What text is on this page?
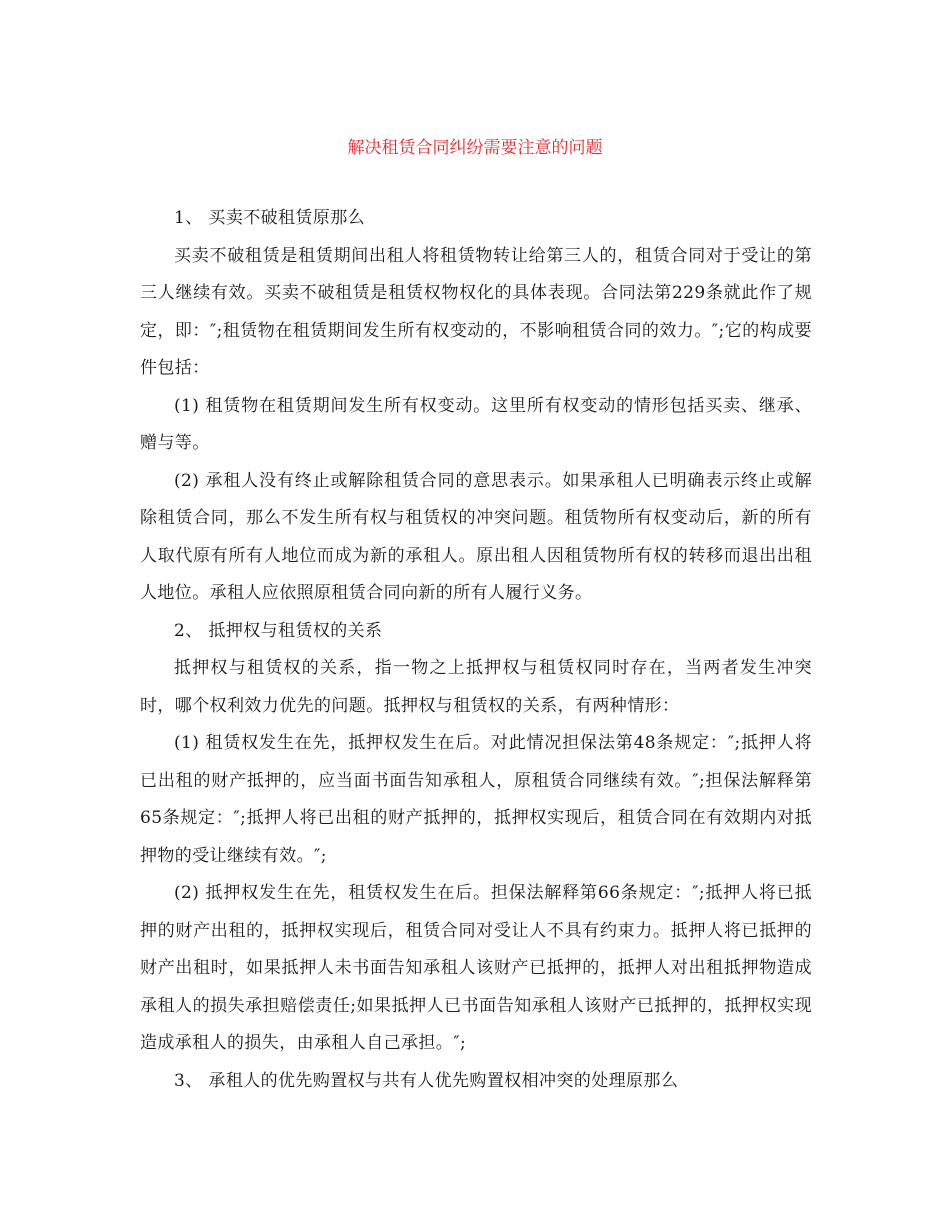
解决租赁合同纠纷需要注意的问题

1、 买卖不破租赁原那么

买卖不破租赁是租赁期间出租人将租赁物转让给第三人的，租赁合同对于受让的第三人继续有效。买卖不破租赁是租赁权物权化的具体表现。合同法第229条就此作了规定，即：″;租赁物在租赁期间发生所有权变动的，不影响租赁合同的效力。″;它的构成要件包括：

(1) 租赁物在租赁期间发生所有权变动。这里所有权变动的情形包括买卖、继承、赠与等。

(2) 承租人没有终止或解除租赁合同的意思表示。如果承租人已明确表示终止或解除租赁合同，那么不发生所有权与租赁权的冲突问题。租赁物所有权变动后，新的所有人取代原有所有人地位而成为新的承租人。原出租人因租赁物所有权的转移而退出出租人地位。承租人应依照原租赁合同向新的所有人履行义务。

2、 抵押权与租赁权的关系

抵押权与租赁权的关系，指一物之上抵押权与租赁权同时存在，当两者发生冲突时，哪个权利效力优先的问题。抵押权与租赁权的关系，有两种情形：

(1) 租赁权发生在先，抵押权发生在后。对此情况担保法第48条规定：″;抵押人将已出租的财产抵押的，应当面书面告知承租人，原租赁合同继续有效。″;担保法解释第65条规定：″;抵押人将已出租的财产抵押的，抵押权实现后，租赁合同在有效期内对抵押物的受让继续有效。″;

(2) 抵押权发生在先，租赁权发生在后。担保法解释第66条规定：″;抵押人将已抵押的财产出租的，抵押权实现后，租赁合同对受让人不具有约束力。抵押人将已抵押的财产出租时，如果抵押人未书面告知承租人该财产已抵押的，抵押人对出租抵押物造成承租人的损失承担赔偿责任;如果抵押人已书面告知承租人该财产已抵押的，抵押权实现造成承租人的损失，由承租人自己承担。″;

3、 承租人的优先购置权与共有人优先购置权相冲突的处理原那么
